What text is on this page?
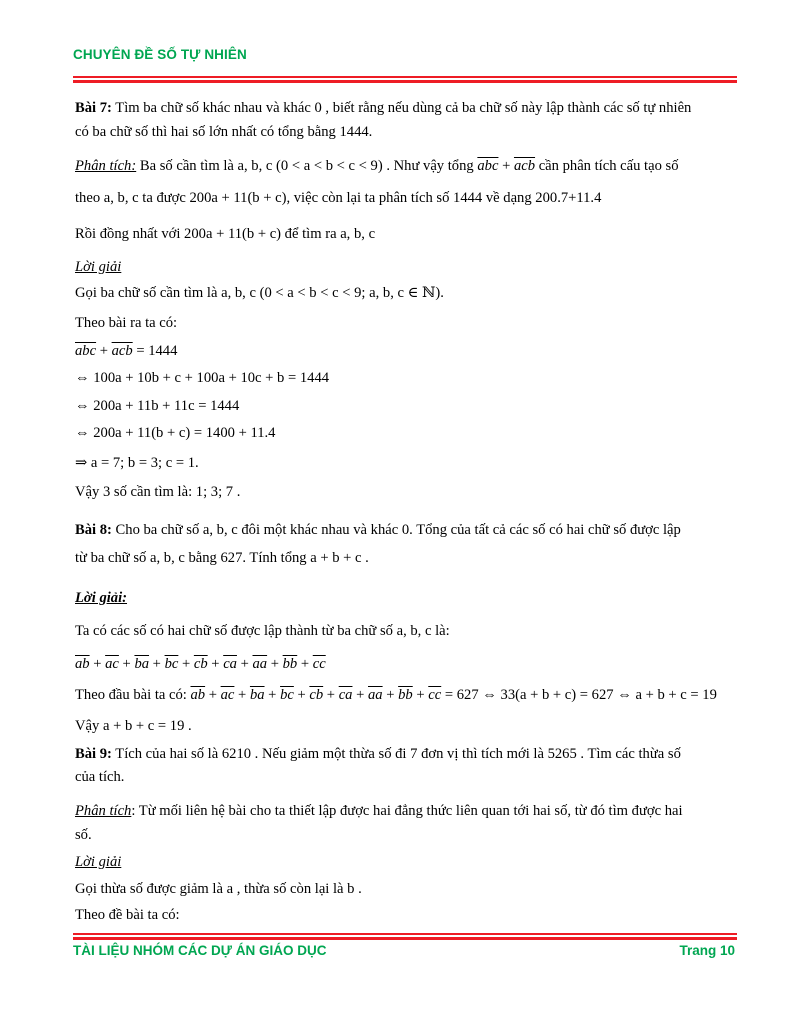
CHUYÊN ĐỀ SỐ TỰ NHIÊN
Bài 7: Tìm ba chữ số khác nhau và khác 0 , biết rằng nếu dùng cả ba chữ số này lập thành các số tự nhiên
có ba chữ số thì hai số lớn nhất có tổng bằng 1444.
Phân tích: Ba số cần tìm là a, b, c (0 < a < b < c < 9) . Như vậy tổng $\overline{abc} + \overline{acb}$ cần phân tích cấu tạo số
theo a, b, c ta được 200a + 11(b + c), việc còn lại ta phân tích số 1444 về dạng 200.7+11.4
Rồi đồng nhất với 200a + 11(b + c) để tìm ra a, b, c
Lời giải
Gọi ba chữ số cần tìm là a, b, c (0 < a < b < c < 9; a, b, c ∈ ℕ).
Theo bài ra ta có:
$\overline{abc} + \overline{acb} = 1444$
⇔ 100a + 10b + c + 100a + 10c + b = 1444
⇔ 200a + 11b + 11c = 1444
⇔ 200a + 11(b + c) = 1400 + 11.4
⇒ a = 7; b = 3; c = 1.
Vậy 3 số cần tìm là: 1; 3; 7 .
Bài 8: Cho ba chữ số a, b, c đôi một khác nhau và khác 0. Tổng của tất cả các số có hai chữ số được lập
từ ba chữ số a, b, c bằng 627. Tính tổng a + b + c .
Lời giải:
Ta có các số có hai chữ số được lập thành từ ba chữ số a, b, c là:
$\overline{ab} + \overline{ac} + \overline{ba} + \overline{bc} + \overline{cb} + \overline{ca} + \overline{aa} + \overline{bb} + \overline{cc}$
Theo đầu bài ta có: $\overline{ab} + \overline{ac} + \overline{ba} + \overline{bc} + \overline{cb} + \overline{ca} + \overline{aa} + \overline{bb} + \overline{cc} = 627$ ⇔ 33(a + b + c) = 627 ⇔ a + b + c = 19
Vậy a + b + c = 19 .
Bài 9: Tích của hai số là 6210 . Nếu giảm một thừa số đi 7 đơn vị thì tích mới là 5265 . Tìm các thừa số
của tích.
Phân tích: Từ mối liên hệ bài cho ta thiết lập được hai đẳng thức liên quan tới hai số, từ đó tìm được hai
số.
Lời giải
Gọi thừa số được giảm là a , thừa số còn lại là b .
Theo đề bài ta có:
TÀI LIỆU NHÓM CÁC DỰ ÁN GIÁO DỤC	Trang 10
